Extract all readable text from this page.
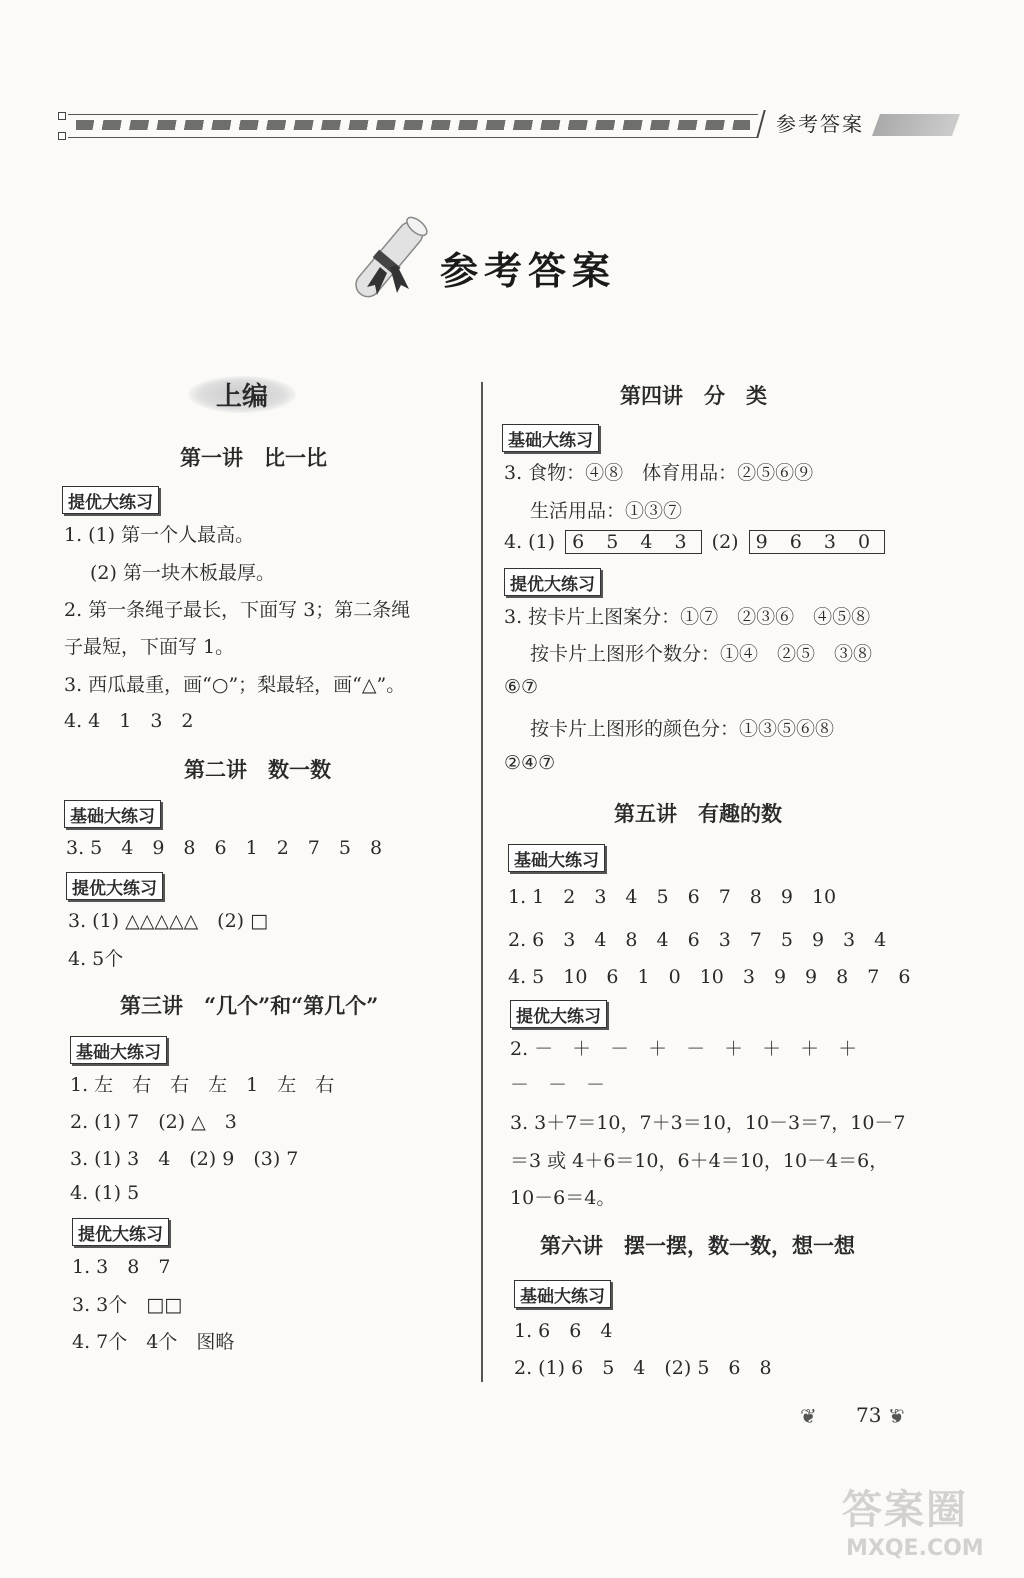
参考答案
参考答案
上编
第一讲　比一比
提优大练习
1. (1) 第一个人最高。
(2) 第一块木板最厚。
2. 第一条绳子最长，下面写 3；第二条绳
子最短，下面写 1。
3. 西瓜最重，画“○”；梨最轻，画“△”。
4. 4　1　3　2
第二讲　数一数
基础大练习
3. 5　4　9　8　6　1　2　7　5　8
提优大练习
3. (1) △△△△△　(2) □
4. 5个
第三讲　“几个”和“第几个”
基础大练习
1. 左　右　右　左　1　左　右
2. (1) 7　(2) △　3
3. (1) 3　4　(2) 9　(3) 7
4. (1) 5
提优大练习
1. 3　8　7
3. 3个　□□
4. 7个　4个　图略
第四讲　分　类
基础大练习
3. 食物：④⑧　体育用品：②⑤⑥⑨
生活用品：①③⑦
4. (1) 6 5 4 3 (2) 9 6 3 0
提优大练习
3. 按卡片上图案分：①⑦　②③⑥　④⑤⑧
按卡片上图形个数分：①④　②⑤　③⑧
⑥⑦
按卡片上图形的颜色分：①③⑤⑥⑧
②④⑦
第五讲　有趣的数
基础大练习
1. 1　2　3　4　5　6　7　8　9　10
2. 6　3　4　8　4　6　3　7　5　9　3　4
4. 5　10　6　1　0　10　3　9　9　8　7　6
提优大练习
2. －　＋　－　＋　－　＋　＋　＋　＋
－　－　－
3. 3＋7＝10，7＋3＝10，10－3＝7，10－7
＝3 或 4＋6＝10，6＋4＝10，10－4＝6，
10－6＝4。
第六讲　摆一摆，数一数，想一想
基础大练习
1. 6　6　4
2. (1) 6　5　4　(2) 5　6　8
❦ 73 ❦
答案圈
MXQE.COM
